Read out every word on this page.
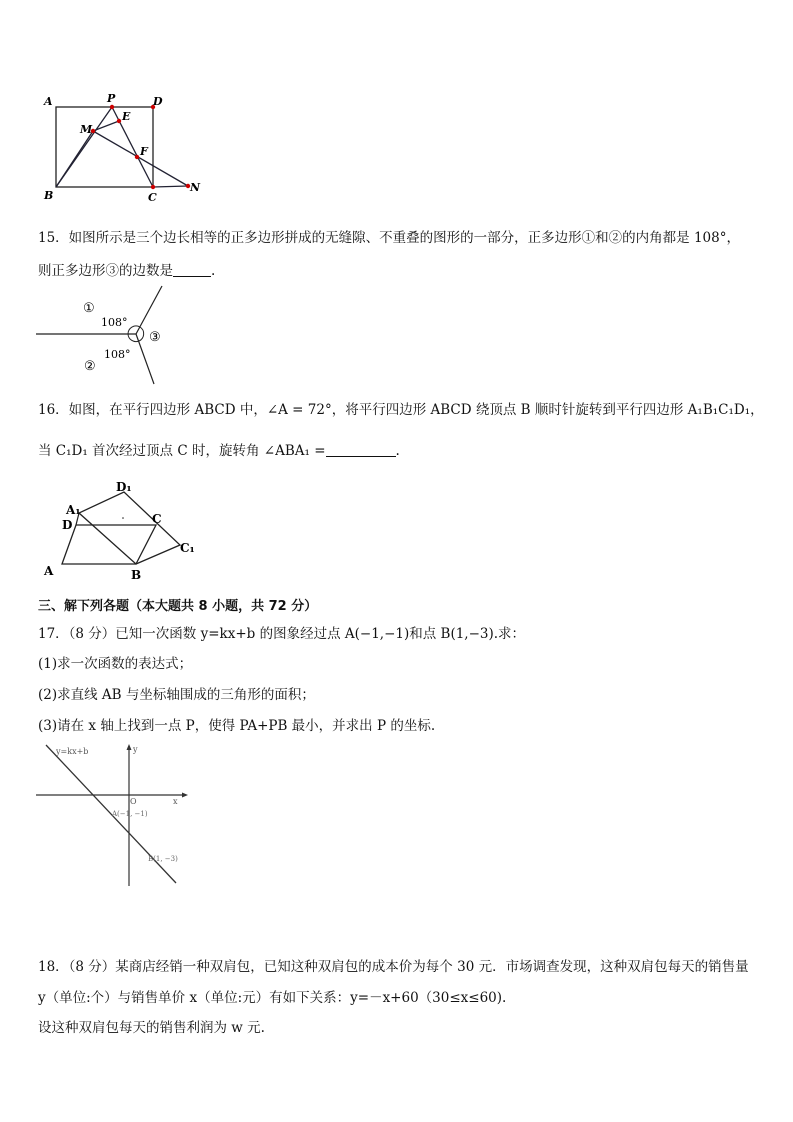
A	P	D
M
E
F
B	C
N
15．如图所示是三个边长相等的正多边形拼成的无缝隙、不重叠的图形的一部分，正多边形①和②的内角都是 108°，
则正多边形③的边数是	.
①
108°
③
108°
②
16．如图，在平行四边形 ABCD 中，∠A = 72°，将平行四边形 ABCD 绕顶点 B 顺时针旋转到平行四边形 A₁B₁C₁D₁，
当 C₁D₁ 首次经过顶点 C 时，旋转角 ∠ABA₁ =	.
D₁
A₁
D	C
C₁
A	B
三、解下列各题（本大题共 8 小题，共 72 分）
17．（8 分）已知一次函数 y=kx+b 的图象经过点 A(−1,−1)和点 B(1,−3).求：
(1)求一次函数的表达式；
(2)求直线 AB 与坐标轴围成的三角形的面积；
(3)请在 x 轴上找到一点 P，使得 PA+PB 最小，并求出 P 的坐标.
y=kx+b	y
x
O
A(−1, −1)
B(1, −3)
18．（8 分）某商店经销一种双肩包，已知这种双肩包的成本价为每个 30 元．市场调查发现，这种双肩包每天的销售量
y（单位:个）与销售单价 x（单位:元）有如下关系：y=－x+60（30≤x≤60).
设这种双肩包每天的销售利润为 w 元.
